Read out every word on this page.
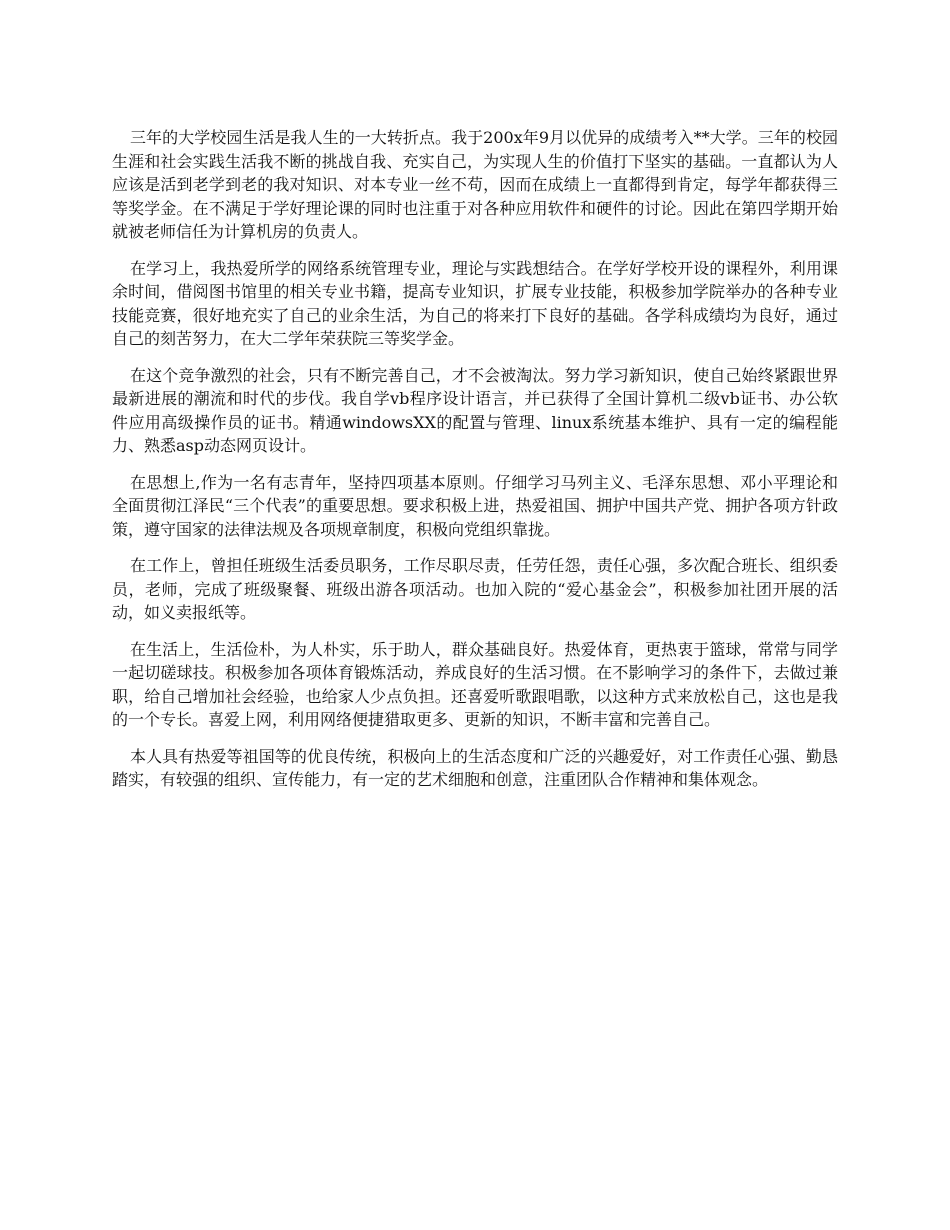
三年的大学校园生活是我人生的一大转折点。我于200x年9月以优异的成绩考入**大学。三年的校园生涯和社会实践生活我不断的挑战自我、充实自己，为实现人生的价值打下坚实的基础。一直都认为人应该是活到老学到老的我对知识、对本专业一丝不苟，因而在成绩上一直都得到肯定，每学年都获得三等奖学金。在不满足于学好理论课的同时也注重于对各种应用软件和硬件的讨论。因此在第四学期开始就被老师信任为计算机房的负责人。

在学习上，我热爱所学的网络系统管理专业，理论与实践想结合。在学好学校开设的课程外，利用课余时间，借阅图书馆里的相关专业书籍，提高专业知识，扩展专业技能，积极参加学院举办的各种专业技能竞赛，很好地充实了自己的业余生活，为自己的将来打下良好的基础。各学科成绩均为良好，通过自己的刻苦努力，在大二学年荣获院三等奖学金。

在这个竞争激烈的社会，只有不断完善自己，才不会被淘汰。努力学习新知识，使自己始终紧跟世界最新进展的潮流和时代的步伐。我自学vb程序设计语言，并已获得了全国计算机二级vb证书、办公软件应用高级操作员的证书。精通windowsXX的配置与管理、linux系统基本维护、具有一定的编程能力、熟悉asp动态网页设计。

在思想上,作为一名有志青年，坚持四项基本原则。仔细学习马列主义、毛泽东思想、邓小平理论和全面贯彻江泽民“三个代表”的重要思想。要求积极上进，热爱祖国、拥护中国共产党、拥护各项方针政策，遵守国家的法律法规及各项规章制度，积极向党组织靠拢。

在工作上，曾担任班级生活委员职务，工作尽职尽责，任劳任怨，责任心强，多次配合班长、组织委员，老师，完成了班级聚餐、班级出游各项活动。也加入院的“爱心基金会”，积极参加社团开展的活动，如义卖报纸等。

在生活上，生活俭朴，为人朴实，乐于助人，群众基础良好。热爱体育，更热衷于篮球，常常与同学一起切磋球技。积极参加各项体育锻炼活动，养成良好的生活习惯。在不影响学习的条件下，去做过兼职，给自己增加社会经验，也给家人少点负担。还喜爱听歌跟唱歌，以这种方式来放松自己，这也是我的一个专长。喜爱上网，利用网络便捷猎取更多、更新的知识，不断丰富和完善自己。

本人具有热爱等祖国等的优良传统，积极向上的生活态度和广泛的兴趣爱好，对工作责任心强、勤恳踏实，有较强的组织、宣传能力，有一定的艺术细胞和创意，注重团队合作精神和集体观念。
